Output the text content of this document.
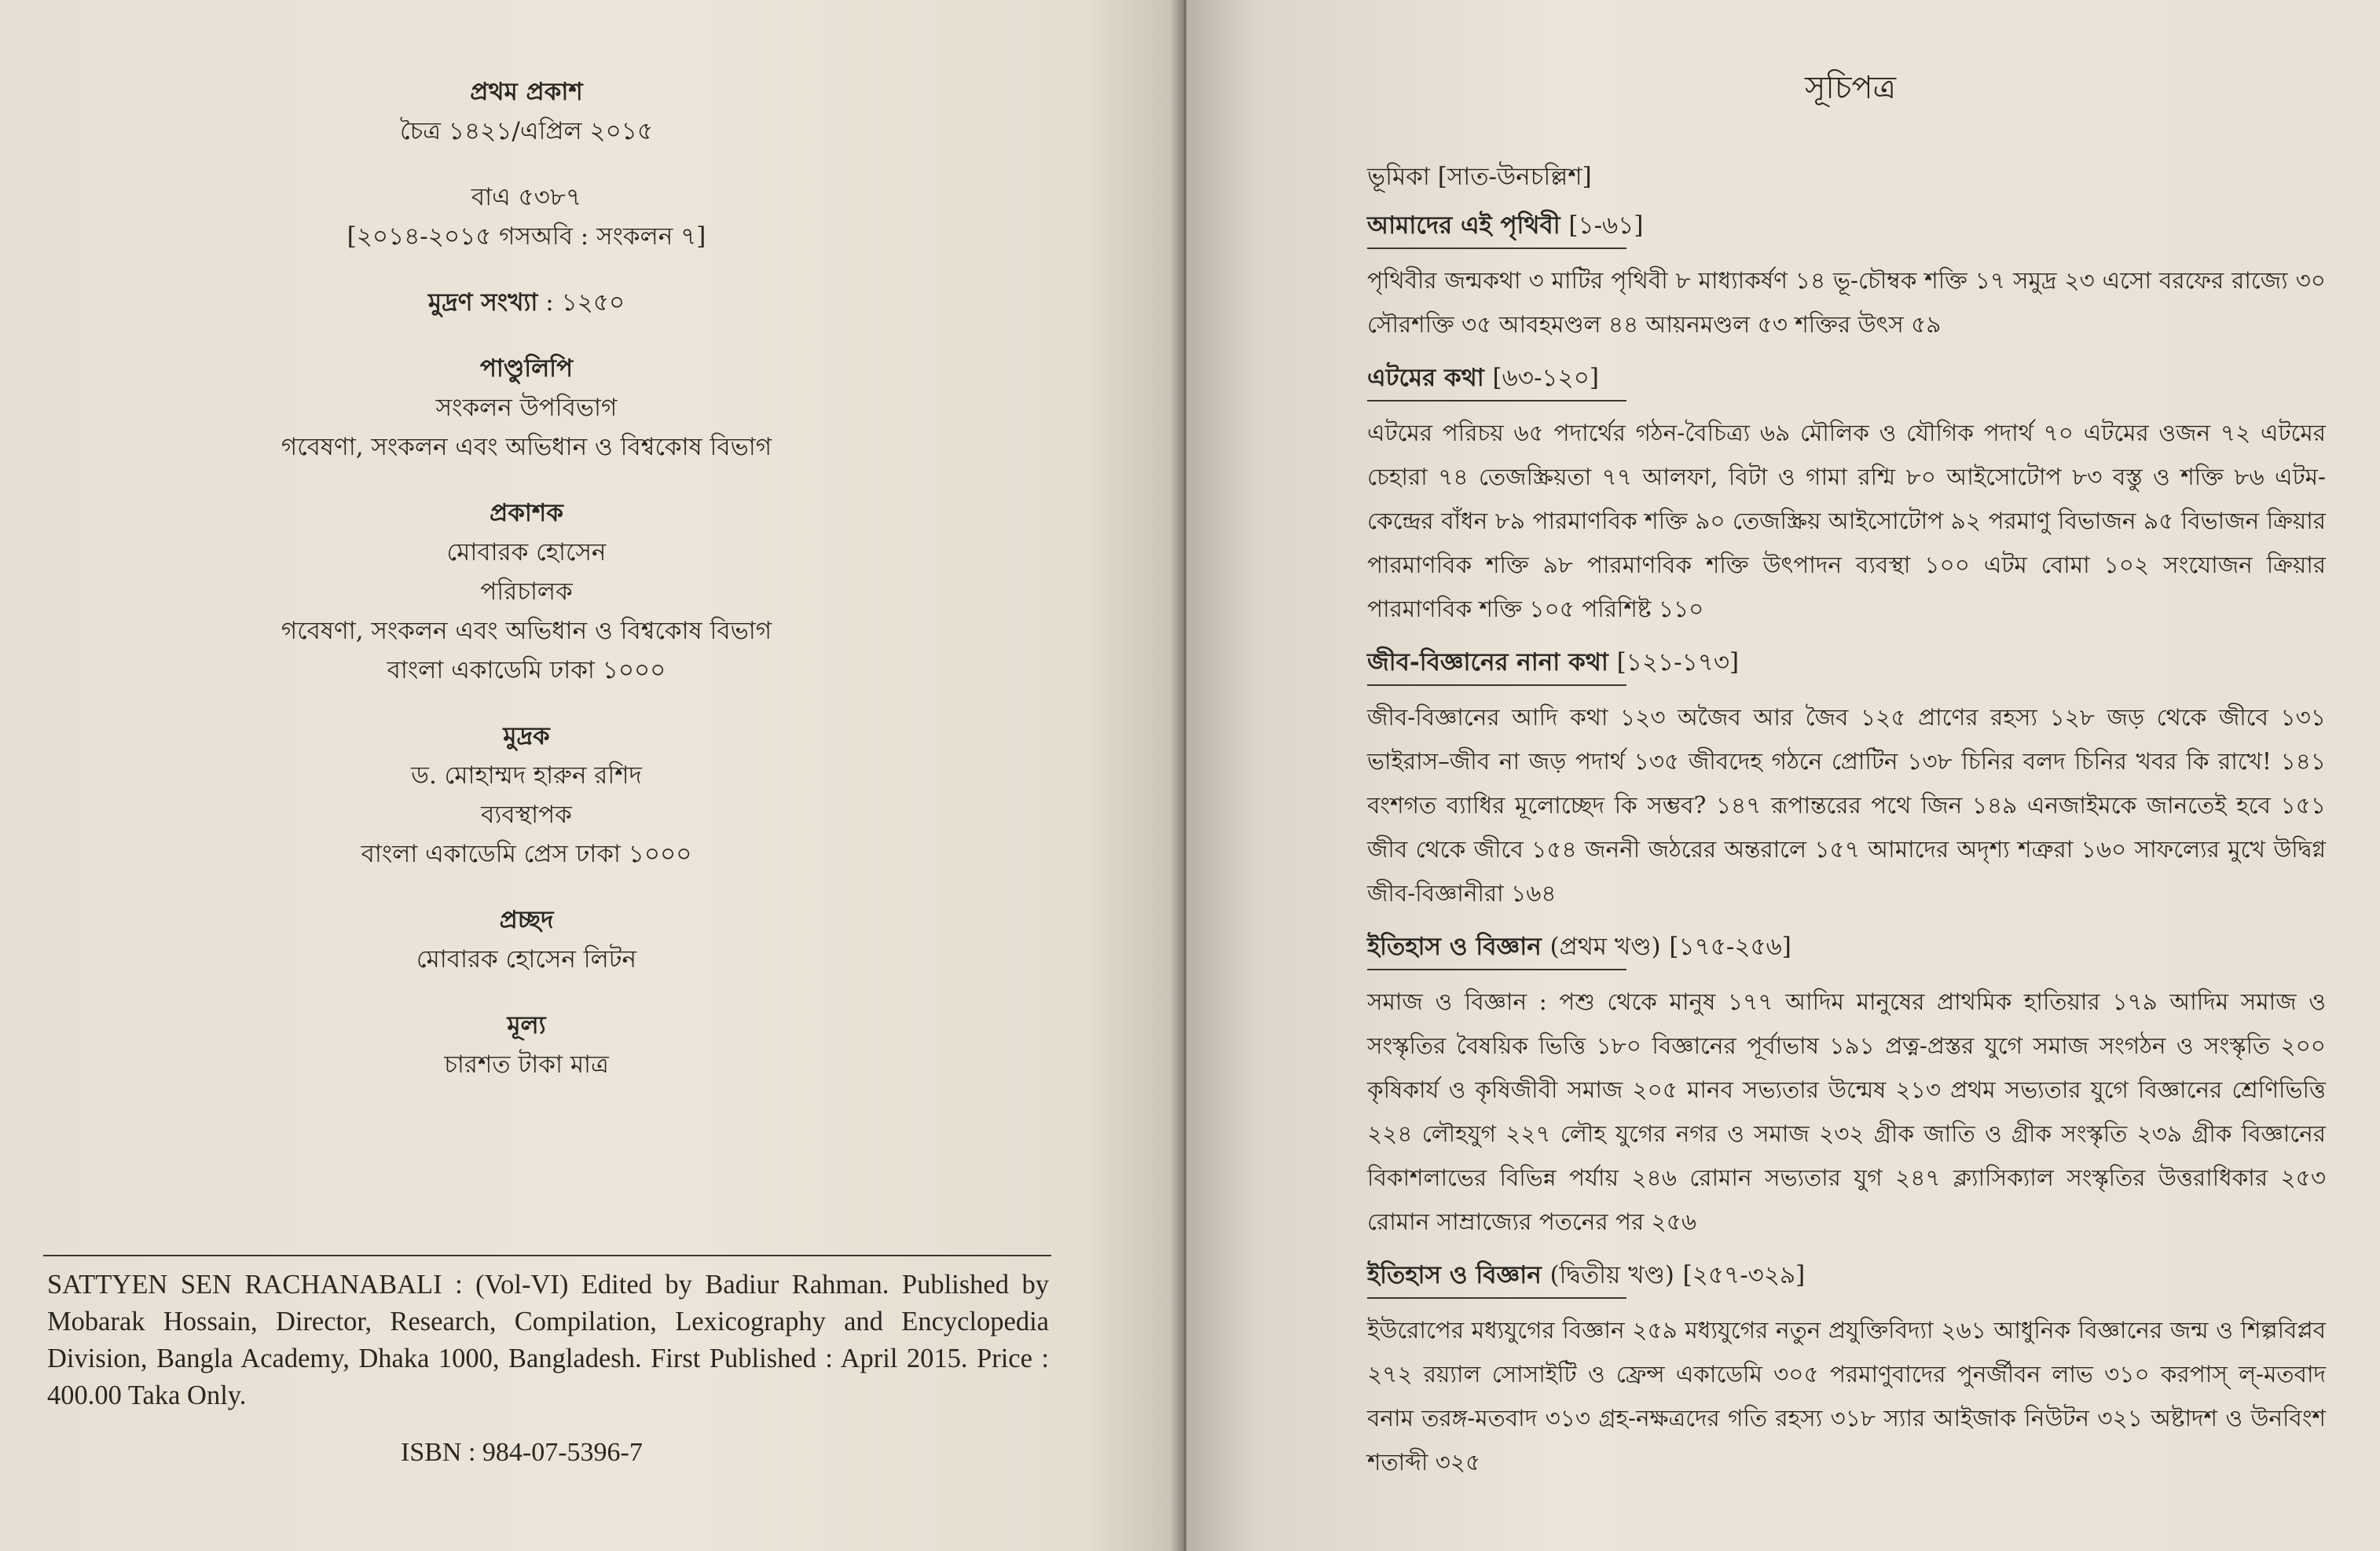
প্রথম প্রকাশ
চৈত্র ১৪২১/এপ্রিল ২০১৫
বাএ ৫৩৮৭
[২০১৪-২০১৫ গসঅবি : সংকলন ৭]
মুদ্রণ সংখ্যা : ১২৫০
পাণ্ডুলিপি
সংকলন উপবিভাগ
গবেষণা, সংকলন এবং অভিধান ও বিশ্বকোষ বিভাগ
প্রকাশক
মোবারক হোসেন
পরিচালক
গবেষণা, সংকলন এবং অভিধান ও বিশ্বকোষ বিভাগ
বাংলা একাডেমি ঢাকা ১০০০
মুদ্রক
ড. মোহাম্মদ হারুন রশিদ
ব্যবস্থাপক
বাংলা একাডেমি প্রেস ঢাকা ১০০০
প্রচ্ছদ
মোবারক হোসেন লিটন
মূল্য
চারশত টাকা মাত্র
SATTYEN SEN RACHANABALI : (Vol-VI) Edited by Badiur Rahman. Published by Mobarak Hossain, Director, Research, Compilation, Lexicography and Encyclopedia Division, Bangla Academy, Dhaka 1000, Bangladesh. First Published : April 2015. Price : 400.00 Taka Only.
ISBN : 984-07-5396-7
সূচিপত্র
ভূমিকা [সাত-উনচল্লিশ]
আমাদের এই পৃথিবী [১-৬১]
পৃথিবীর জন্মকথা ৩ মাটির পৃথিবী ৮ মাধ্যাকর্ষণ ১৪ ভূ-চৌম্বক শক্তি ১৭ সমুদ্র ২৩ এসো বরফের রাজ্যে ৩০ সৌরশক্তি ৩৫ আবহমণ্ডল ৪৪ আয়নমণ্ডল ৫৩ শক্তির উৎস ৫৯
এটমের কথা [৬৩-১২০]
এটমের পরিচয় ৬৫ পদার্থের গঠন-বৈচিত্র্য ৬৯ মৌলিক ও যৌগিক পদার্থ ৭০ এটমের ওজন ৭২ এটমের চেহারা ৭৪ তেজস্ক্রিয়তা ৭৭ আলফা, বিটা ও গামা রশ্মি ৮০ আইসোটোপ ৮৩ বস্তু ও শক্তি ৮৬ এটম-কেন্দ্রের বাঁধন ৮৯ পারমাণবিক শক্তি ৯০ তেজস্ক্রিয় আইসোটোপ ৯২ পরমাণু বিভাজন ৯৫ বিভাজন ক্রিয়ার পারমাণবিক শক্তি ৯৮ পারমাণবিক শক্তি উৎপাদন ব্যবস্থা ১০০ এটম বোমা ১০২ সংযোজন ক্রিয়ার পারমাণবিক শক্তি ১০৫ পরিশিষ্ট ১১০
জীব-বিজ্ঞানের নানা কথা [১২১-১৭৩]
জীব-বিজ্ঞানের আদি কথা ১২৩ অজৈব আর জৈব ১২৫ প্রাণের রহস্য ১২৮ জড় থেকে জীবে ১৩১ ভাইরাস–জীব না জড় পদার্থ ১৩৫ জীবদেহ গঠনে প্রোটিন ১৩৮ চিনির বলদ চিনির খবর কি রাখে! ১৪১ বংশগত ব্যাধির মূলোচ্ছেদ কি সম্ভব? ১৪৭ রূপান্তরের পথে জিন ১৪৯ এনজাইমকে জানতেই হবে ১৫১ জীব থেকে জীবে ১৫৪ জননী জঠরের অন্তরালে ১৫৭ আমাদের অদৃশ্য শত্রুরা ১৬০ সাফল্যের মুখে উদ্বিগ্ন জীব-বিজ্ঞানীরা ১৬৪
ইতিহাস ও বিজ্ঞান (প্রথম খণ্ড) [১৭৫-২৫৬]
সমাজ ও বিজ্ঞান : পশু থেকে মানুষ ১৭৭ আদিম মানুষের প্রাথমিক হাতিয়ার ১৭৯ আদিম সমাজ ও সংস্কৃতির বৈষয়িক ভিত্তি ১৮০ বিজ্ঞানের পূর্বাভাষ ১৯১ প্রত্ন-প্রস্তর যুগে সমাজ সংগঠন ও সংস্কৃতি ২০০ কৃষিকার্য ও কৃষিজীবী সমাজ ২০৫ মানব সভ্যতার উন্মেষ ২১৩ প্রথম সভ্যতার যুগে বিজ্ঞানের শ্রেণিভিত্তি ২২৪ লৌহযুগ ২২৭ লৌহ যুগের নগর ও সমাজ ২৩২ গ্রীক জাতি ও গ্রীক সংস্কৃতি ২৩৯ গ্রীক বিজ্ঞানের বিকাশলাভের বিভিন্ন পর্যায় ২৪৬ রোমান সভ্যতার যুগ ২৪৭ ক্ল্যাসিক্যাল সংস্কৃতির উত্তরাধিকার ২৫৩ রোমান সাম্রাজ্যের পতনের পর ২৫৬
ইতিহাস ও বিজ্ঞান (দ্বিতীয় খণ্ড) [২৫৭-৩২৯]
ইউরোপের মধ্যযুগের বিজ্ঞান ২৫৯ মধ্যযুগের নতুন প্রযুক্তিবিদ্যা ২৬১ আধুনিক বিজ্ঞানের জন্ম ও শিল্পবিপ্লব ২৭২ রয়্যাল সোসাইটি ও ফ্রেন্স একাডেমি ৩০৫ পরমাণুবাদের পুনর্জীবন লাভ ৩১০ করপাস্ ল্-মতবাদ বনাম তরঙ্গ-মতবাদ ৩১৩ গ্রহ-নক্ষত্রদের গতি রহস্য ৩১৮ স্যার আইজাক নিউটন ৩২১ অষ্টাদশ ও উনবিংশ শতাব্দী ৩২৫
